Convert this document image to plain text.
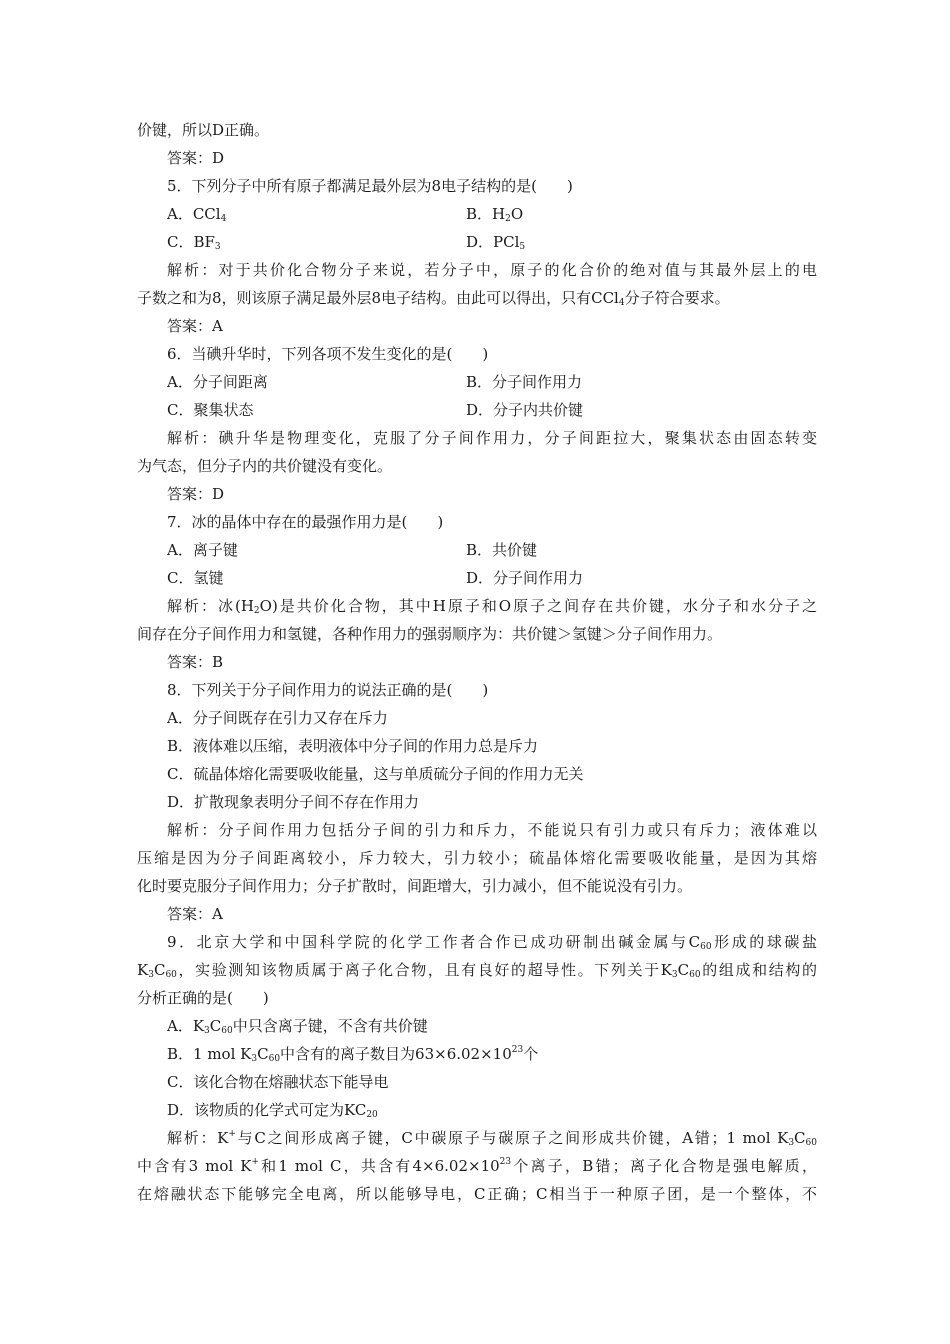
价键，所以D正确。
答案：D
5．下列分子中所有原子都满足最外层为8电子结构的是(　　)
A．CCl$_4$	B．$H_2O$
C．$BF_3$	D．PCl$_5$
解析：对于共价化合物分子来说，若分子中，原子的化合价的绝对值与其最外层上的电
子数之和为8，则该原子满足最外层8电子结构。由此可以得出，只有CCl$_4$分子符合要求。
答案：A
6．当碘升华时，下列各项不发生变化的是(　　)
A．分子间距离	B．分子间作用力
C．聚集状态	D．分子内共价键
解析：碘升华是物理变化，克服了分子间作用力，分子间距拉大，聚集状态由固态转变
为气态，但分子内的共价键没有变化。
答案：D
7．冰的晶体中存在的最强作用力是(　　)
A．离子键	B．共价键
C．氢键	D．分子间作用力
解析：冰$(H_2O)$是共价化合物，其中H原子和O原子之间存在共价键，水分子和水分子之
间存在分子间作用力和氢键，各种作用力的强弱顺序为：共价键＞氢键＞分子间作用力。
答案：B
8．下列关于分子间作用力的说法正确的是(　　)
A．分子间既存在引力又存在斥力
B．液体难以压缩，表明液体中分子间的作用力总是斥力
C．硫晶体熔化需要吸收能量，这与单质硫分子间的作用力无关
D．扩散现象表明分子间不存在作用力
解析：分子间作用力包括分子间的引力和斥力，不能说只有引力或只有斥力；液体难以
压缩是因为分子间距离较小，斥力较大，引力较小；硫晶体熔化需要吸收能量，是因为其熔
化时要克服分子间作用力；分子扩散时，间距增大，引力减小，但不能说没有引力。
答案：A
9．北京大学和中国科学院的化学工作者合作已成功研制出碱金属与$C_{60}$形成的球碳盐
$K_3C_{60}$，实验测知该物质属于离子化合物，且有良好的超导性。下列关于$K_3C_{60}$的组成和结构的
分析正确的是(　　)
A．$K_3C_{60}$中只含离子键，不含有共价键
B．1 mol $K_3C_{60}$中含有的离子数目为$63\times 6.02\times 10^{23}$个
C．该化合物在熔融状态下能导电
D．该物质的化学式可定为$KC_{20}$
解析：K+与C之间形成离子键，C中碳原子与碳原子之间形成共价键，A错；1 mol $K_3C_{60}$
中含有3 mol K+和1 mol C，共含有$4\times 6.02\times 10^{23}$个离子，B错；离子化合物是强电解质，
在熔融状态下能够完全电离，所以能够导电，C正确；C相当于一种原子团，是一个整体，不
